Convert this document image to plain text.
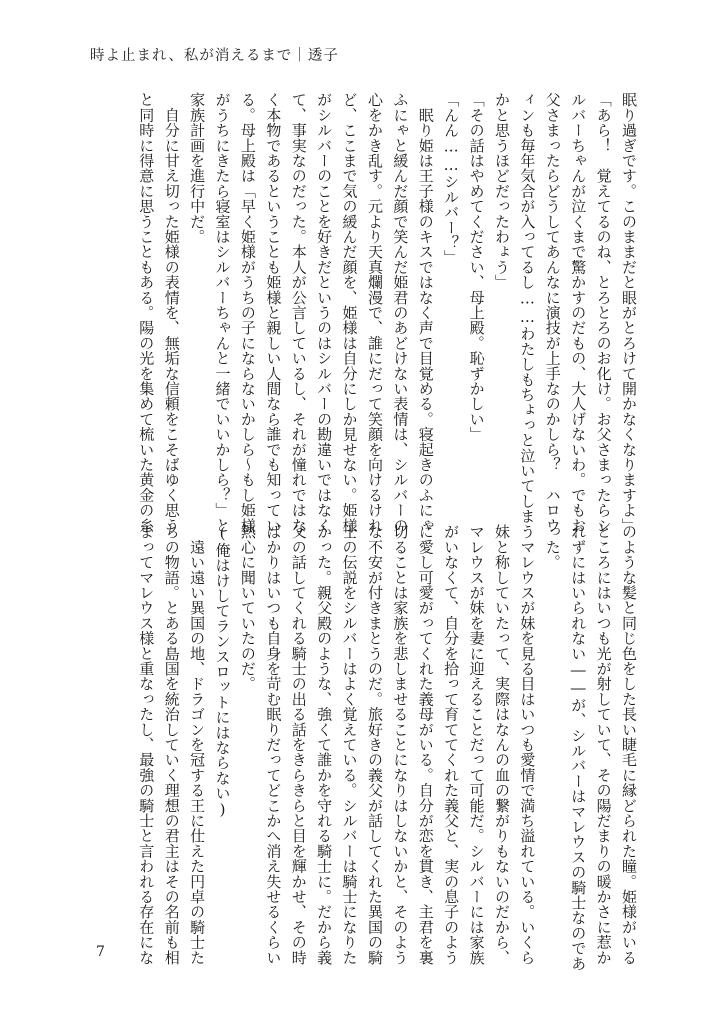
時よ止まれ、私が消えるまで｜透子
眠り過ぎです。このままだと眼がとろけて開かなくなりますよ」
「あら！　覚えてるのね、とろとろのお化け。お父さまったらシ
ルバーちゃんが泣くまで驚かすのだもの、大人げないわ。でもお
父さまったらどうしてあんなに演技が上手なのかしら？　ハロウ
ィンも毎年気合が入ってるし……わたしもちょっと泣いてしまう
かと思うほどだったわょう」
「その話はやめてください、母上殿。恥ずかしい」
「んん……シルバー？」
　眠り姫は王子様のキスではなく声で目覚める。寝起きのふにゃ
ふにゃと緩んだ顔で笑んだ姫君のあどけない表情は、シルバーの
心をかき乱す。元より天真爛漫で、誰にだって笑顔を向けるけれ
ど、ここまで気の緩んだ顔を、姫様は自分にしか見せない。姫様
がシルバーのことを好きだというのはシルバーの勘違いではなく
て、事実なのだった。本人が公言しているし、それが憧れではな
く本物であるということも姫様と親しい人間なら誰でも知ってい
る。母上殿は「早く姫様がうちの子にならないかしら〜もし姫様
がうちにきたら寝室はシルバーちゃんと一緒でいいかしら？」と
家族計画を進行中だ。
　自分に甘え切った姫様の表情を、無垢な信頼をこそばゆく思う
と同時に得意に思うこともある。陽の光を集めて梳いた黄金の糸
のような髪と同じ色をした長い睫毛に縁どられた瞳。姫様がいる
ところにはいつも光が射していて、その陽だまりの暖かさに惹か
れずにはいられない――が、シルバーはマレウスの騎士なのであ
った。
　マレウスが妹を見る目はいつも愛情で満ち溢れている。いくら
妹と称していたって、実際はなんの血の繋がりもないのだから、
マレウスが妹を妻に迎えることだって可能だ。シルバーには家族
がいなくて、自分を拾って育ててくれた義父と、実の息子のよう
に愛し可愛がってくれた義母がいる。自分が恋を貫き、主君を裏
切ることは家族を悲しませることになりはしないかと、そのよう
な不安が付きまとうのだ。旅好きの義父が話してくれた異国の騎
士の伝説をシルバーはよく覚えている。シルバーは騎士になりた
かった。親父殿のような、強くて誰かを守れる騎士に。だから義
父の話してくれる騎士の出る話をきらきらと目を輝かせ、その時
ばかりはいつも自身を苛む眠りだってどこかへ消え失せるくらい
熱心に聞いていたのだ。
(俺はけしてランスロットにはならない)
　遠い遠い異国の地、ドラゴンを冠する王に仕えた円卓の騎士た
ちの物語。とある島国を統治していく理想の君主はその名前も相
まってマレウス様と重なったし、最強の騎士と言われる存在にな
7
